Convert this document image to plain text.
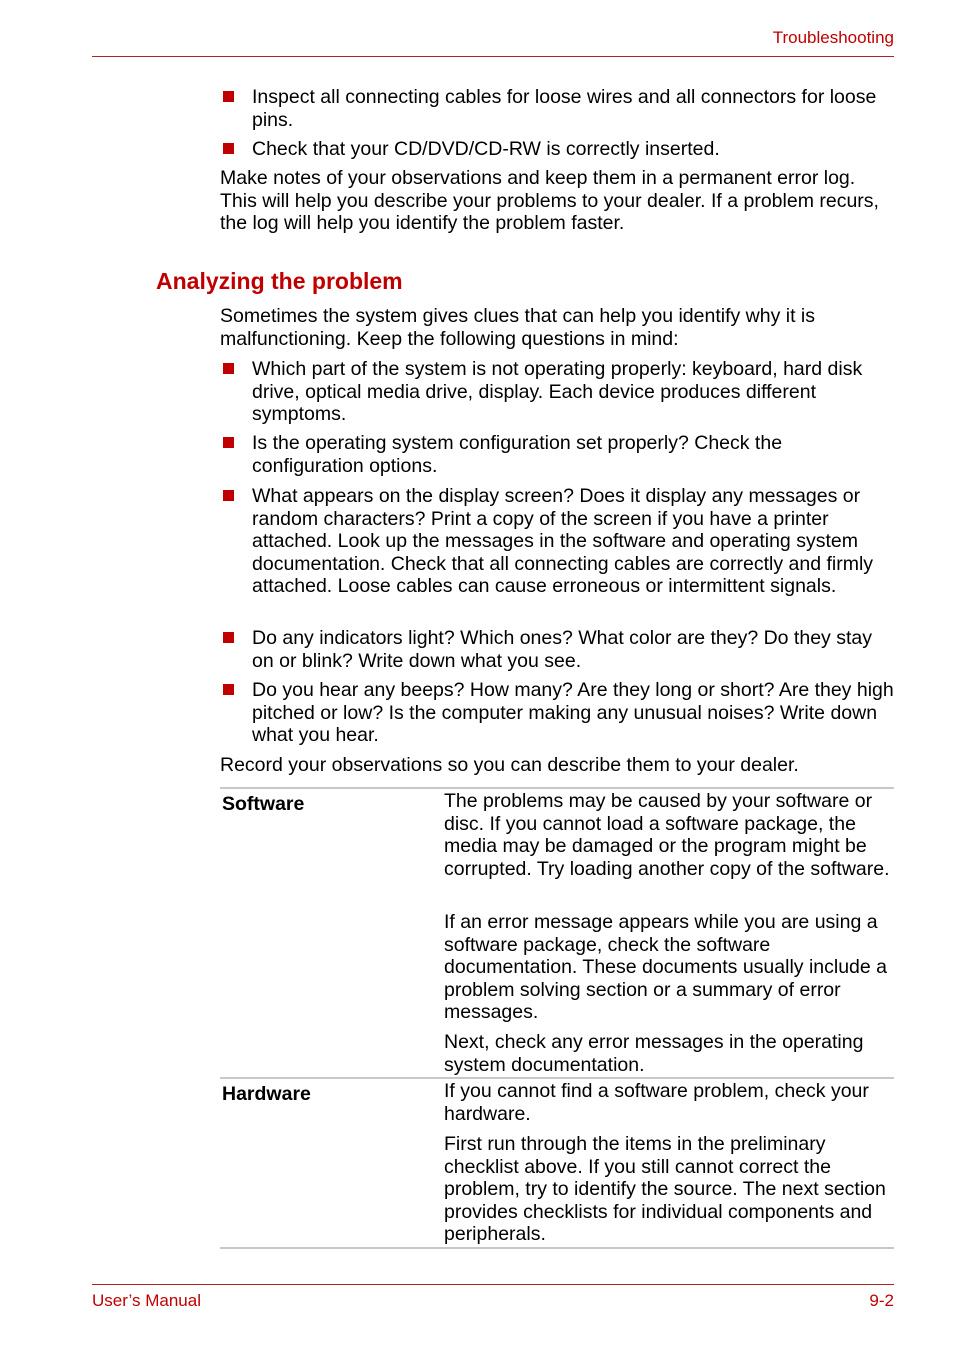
Troubleshooting
Inspect all connecting cables for loose wires and all connectors for loose pins.
Check that your CD/DVD/CD-RW is correctly inserted.
Make notes of your observations and keep them in a permanent error log. This will help you describe your problems to your dealer. If a problem recurs, the log will help you identify the problem faster.
Analyzing the problem
Sometimes the system gives clues that can help you identify why it is malfunctioning. Keep the following questions in mind:
Which part of the system is not operating properly: keyboard, hard disk drive, optical media drive, display. Each device produces different symptoms.
Is the operating system configuration set properly? Check the configuration options.
What appears on the display screen? Does it display any messages or random characters? Print a copy of the screen if you have a printer attached. Look up the messages in the software and operating system documentation. Check that all connecting cables are correctly and firmly attached. Loose cables can cause erroneous or intermittent signals.
Do any indicators light? Which ones? What color are they? Do they stay on or blink? Write down what you see.
Do you hear any beeps? How many? Are they long or short? Are they high pitched or low? Is the computer making any unusual noises? Write down what you hear.
Record your observations so you can describe them to your dealer.
Software	The problems may be caused by your software or disc. If you cannot load a software package, the media may be damaged or the program might be corrupted. Try loading another copy of the software.
If an error message appears while you are using a software package, check the software documentation. These documents usually include a problem solving section or a summary of error messages.
Next, check any error messages in the operating system documentation.
Hardware	If you cannot find a software problem, check your hardware.
First run through the items in the preliminary checklist above. If you still cannot correct the problem, try to identify the source. The next section provides checklists for individual components and peripherals.
User’s Manual	9-2
